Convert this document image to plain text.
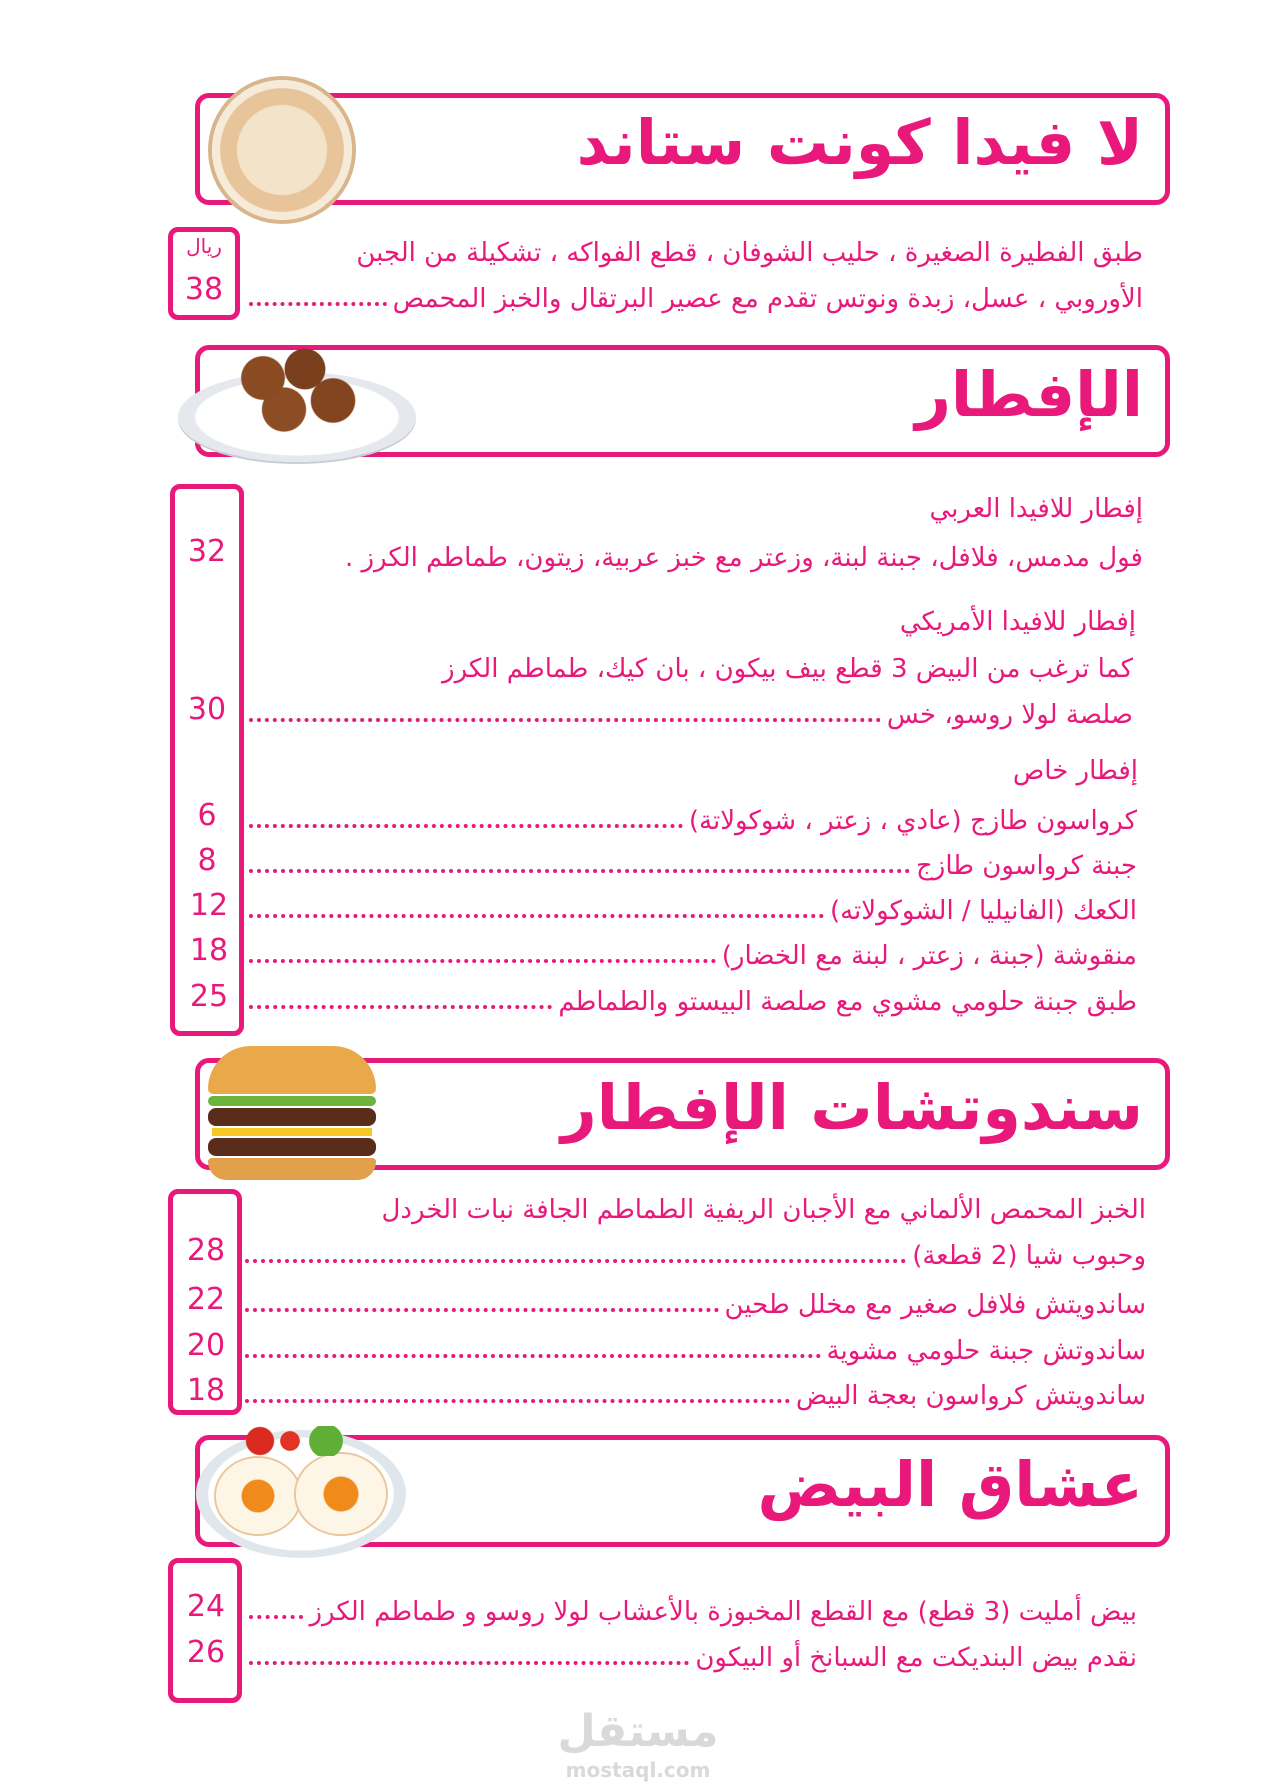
لا فيدا كونت ستاند
ريال
38
طبق الفطيرة الصغيرة ، حليب الشوفان ، قطع الفواكه ، تشكيلة من الجبن
الأوروبي ، عسل، زبدة ونوتس تقدم مع عصير البرتقال والخبز المحمص
الإفطار
إفطار للافيدا العربي
فول مدمس، فلافل، جبنة لبنة، وزعتر مع خبز عربية، زيتون، طماطم الكرز .
32
إفطار للافيدا الأمريكي
كما ترغب من البيض 3 قطع بيف بيكون ، بان كيك، طماطم الكرز
صلصة لولا روسو، خس
30
إفطار خاص
كرواسون طازج (عادي ، زعتر ، شوكولاتة)
6
جبنة كرواسون طازج
8
الكعك (الفانيليا / الشوكولاته)
12
منقوشة (جبنة ، زعتر ، لبنة مع الخضار)
18
طبق جبنة حلومي مشوي مع صلصة البيستو والطماطم
25
سندوتشات الإفطار
الخبز المحمص الألماني مع الأجبان الريفية الطماطم الجافة نبات الخردل
وحبوب شيا (2 قطعة)
28
ساندويتش فلافل صغير مع مخلل طحين
22
ساندوتش جبنة حلومي مشوية
20
ساندويتش كرواسون بعجة البيض
18
عشاق البيض
بيض أمليت (3 قطع) مع القطع المخبوزة بالأعشاب لولا روسو و طماطم الكرز
24
نقدم بيض البنديكت مع السبانخ أو البيكون
26
مستقل
mostaql.com
